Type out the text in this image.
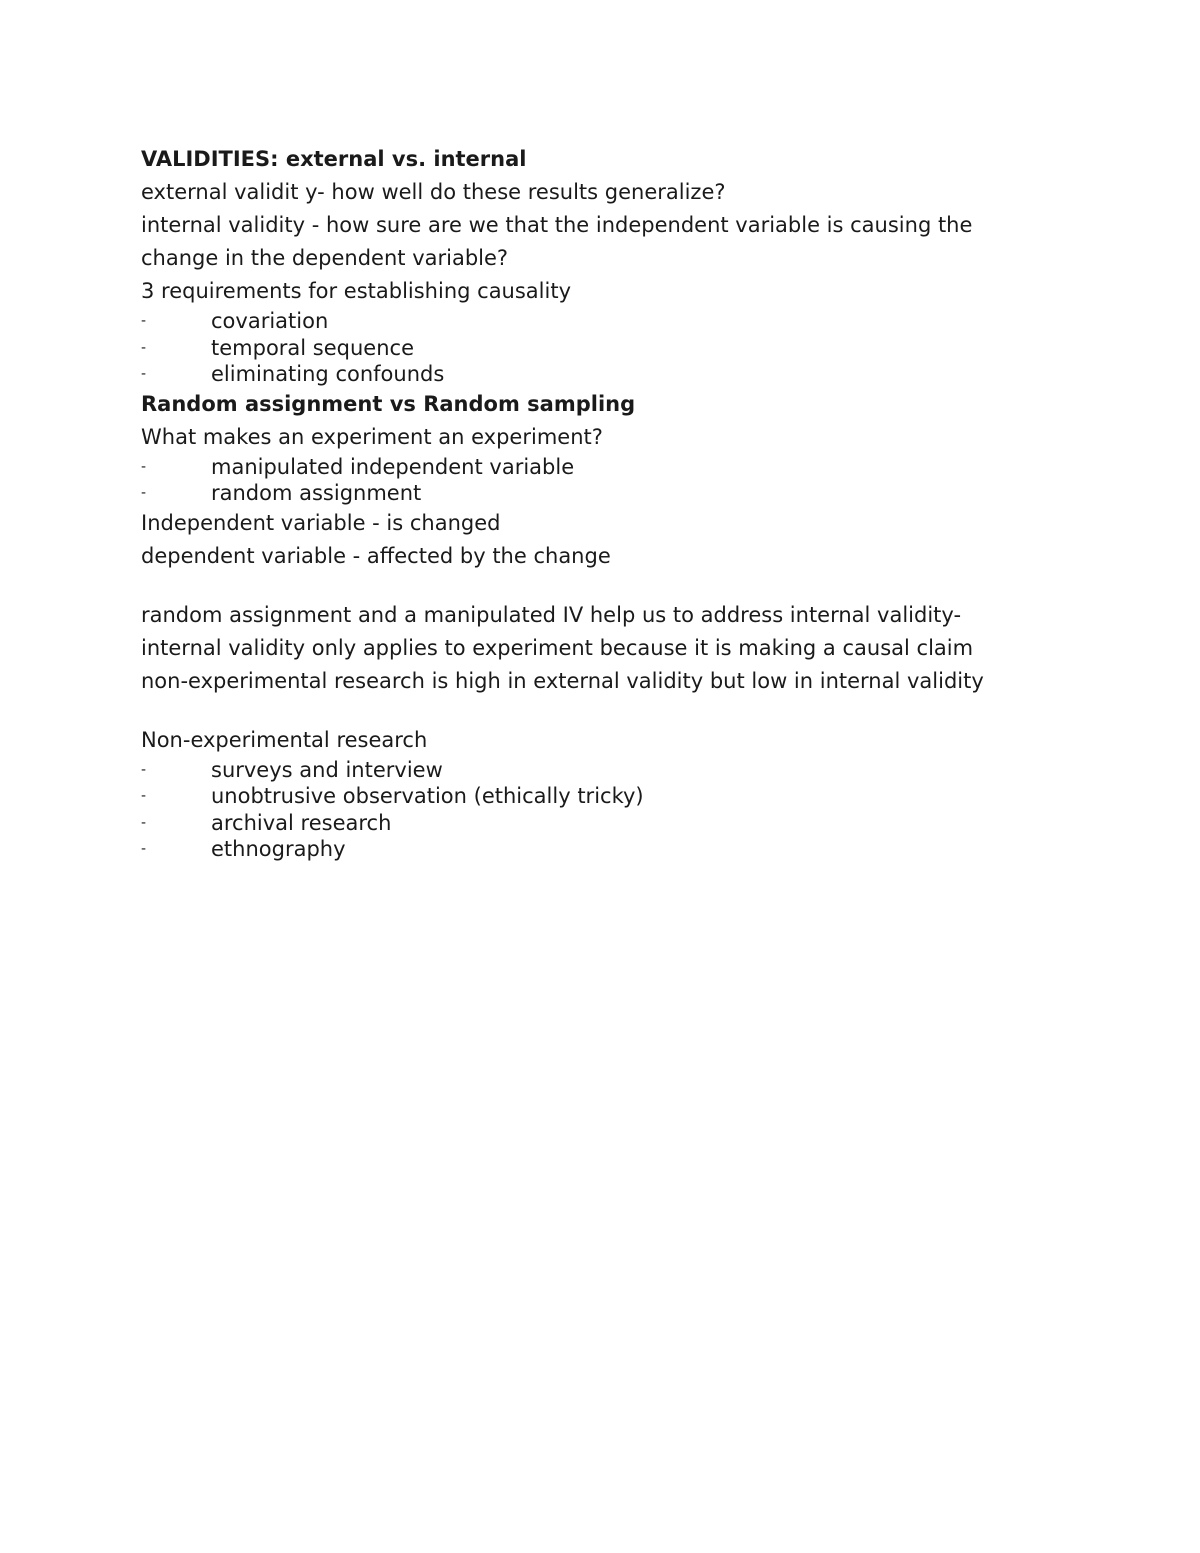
VALIDITIES: external vs. internal
external validit y- how well do these results generalize?
internal validity - how sure are we that the independent variable is causing the
change in the dependent variable?
3 requirements for establishing causality
-	covariation
-	temporal sequence
-	eliminating confounds
Random assignment vs Random sampling
What makes an experiment an experiment?
-	manipulated independent variable
-	random assignment
Independent variable - is changed
dependent variable - affected by the change
random assignment and a manipulated IV help us to address internal validity-
internal validity only applies to experiment because it is making a causal claim
non-experimental research is high in external validity but low in internal validity
Non-experimental research
-	surveys and interview
-	unobtrusive observation (ethically tricky)
-	archival research
-	ethnography
